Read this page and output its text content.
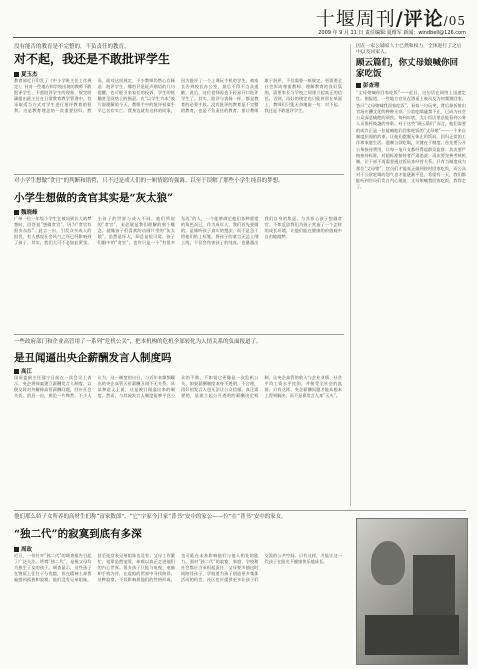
十堰周刊/评论/05
2009 年 9 月 11 日 责任编辑:夏维军 新闻：windbell@126.com
没有能否的教育是不完整的，不负责任的教育。
对不起，我还是不敢批评学生
夏玉杰
教育部近日印发了《中小学班主任工作规定》，针对一些地方和学校出现的教师不敢批评学生、不愿批评学生的现象，规定明确提出班主任在日常教育教学管理中，有采取适当方式对学生进行批评教育的权利。这是教育理念的一次重要回归。然而，面对这项规定，不少教师仍然心存顾虑：批评学生，哪怕只是轻声细语的几句提醒，也可能引来家长的投诉、学生的抵触甚至网络上的指责。在“以学生为本”被片面理解的今天，教师手中的批评权似乎早已名存实亡。我身边就有这样的同事，因为批评了一个上课玩手机的学生，被家长告到校长办公室，最后不得不当众道歉。此后，这位老师再也不轻易开口批评学生了。其实，批评与表扬一样，都是教育的必要手段。没有批评的教育是不完整的教育，也是不负责任的教育。要让教师敢于批评，不仅需要一纸规定，更需要全社会形成尊重教师、理解教育的良好氛围，需要家长与学校之间建立起真正的信任。否则，再好的规定也只能停留在纸面上，教师们只能无奈地说一句：对不起，我还是不敢批评学生。
对小学生想做“贪官”的判断和错愕，只不过是成人们的一厢情愿的强调。以至于误解了那些小学生纯真的梦想。
小学生想做的贪官其实是“灰太狼”
魏晓峰
广州一位一年级小学生在被问到长大的梦想时，回答说“想做贪官”，因为“贪官有很多东西”。此言一出，引发众多成人的担忧，有人感叹社会风气之坏已经影响到了孩子。其实，我们大可不必如此紧张。小孩子的世界与成人不同，他们所说的“贪官”，未必就是我们理解的那个概念。就像孩子们喜欢的动画片里的“灰太狼”，虽然是坏人，却总是很可爱。孩子们眼中的“贪官”，也许只是一个“有很多东西”的人，一个能够满足他们各种愿望的角色而已。作为成年人，我们首先要做的，是倾听孩子真实的想法，而不是急于给他们贴上标签。将孩子的童言无忌上纲上线，不仅会伤害孩子的纯真，也暴露出我们自身的焦虑。与其担心孩子想做贪官，不如反思我们为孩子营造了一个怎样的成长环境，让他们能在健康的价值观中自由地做梦。
一些政府部门和企业高管用了一系列“危机公关”，把本机构的危机全部转化为人情关系的负面报道了。
是丑闻逼出央企薪酬发言人制度吗
高江
国资委副主任邵宁日前在一次会议上表示，央企将探索建立薪酬发言人制度，以便及时对外解释高管薪酬问题，回应社会关切。消息一出，舆论一片哗然。不少人认为，这一制度的出台，与近年来频频曝出的央企高管天价薪酬丑闻不无关系。从某种意义上说，这是被丑闻逼出来的制度。然而，与其说发言人制度能够平息公众的不满，不如说它更像是一次危机公关。如果薪酬制度本身不透明、不合理，再好的发言人也无法让公众信服。真正需要的，是建立起公开透明的薪酬决定机制，让央企高管的收入与企业业绩、社会平均工资水平挂钩，并接受全社会的监督。只有这样，央企薪酬问题才能从根本上得到解决，而不是靠发言人来“灭火”。
他们那么娇子女所养的高材生们称“富家数郎”。“它”字家今日家“普书”安中的家公——位”在“普书”安中的家女。
“独二代”的寂寞到底有多深
周政
近日，一份针对“独二代”的调查报告引起了广泛关注。所谓“独二代”，是指父母均为独生子女的孩子。调查显示，这些孩子在物质上往往十分优越，但在精神上却普遍感到孤独和寂寞。他们没有兄弟姐妹，甚至连堂表兄弟姐妹也没有；父母工作繁忙，祖辈虽然宠爱，却难以真正走进他们的内心世界。很多孩子只能与电视、电脑和手机为伴，在虚拟的世界中寻找陪伴。这种寂寞，不仅影响着他们的性格形成，也可能在未来影响他们与他人相处的能力。面对“独二代”的寂寞，家庭、学校和社会都应当承担起责任：父母要多抽出时间陪伴孩子，学校要为孩子创造更多集体活动的机会，社区也应提供更多让孩子们交流的公共空间。只有这样，才能让这一代孩子在阳光下健康快乐地成长。
因在一家公辅家人士已然和权力，全体进行了之后中以及回家人。
顾云篇们，你丈母娘喊你回家吃饭
彭查理
“丈母娘喊你回家吃饭”——近日，这句话在网络上迅速走红。据报道，一些地方官员在酒桌上被问及为何频频回家，答曰“丈母娘喊我回家吃饭”。看似一句玩笑，背后却折射出官场应酬文化的种种无奈。公款吃喝屡禁不止，已成为社会公众深恶痛绝的顽疾。每到年底，大小饭店里总能看到公务人员推杯换盏的身影。对于这些“顾云篇们”而言，他们需要的或许正是一位能喊他们回家吃饭的“丈母娘”——一个来自制度层面的约束，让他们摆脱无休止的饭局，回归正常的工作和家庭生活。遏制公款吃喝，关键在于制度。首先要公开公务接待费用，让每一笔开支都经得起群众监督；其次要严格接待标准，对超标准接待者严肃追责；再次要完善考核机制，让干部不再需要通过饭局来经营关系。只有当制度成为那位“丈母娘”，官员们才能真正做到按时回家吃饭，而公众对于公款吃喝的怨气也才能逐渐平息。希望有一天，我们都能听到官员们发自内心地说：丈母娘喊我回家吃饭，我得走了。
